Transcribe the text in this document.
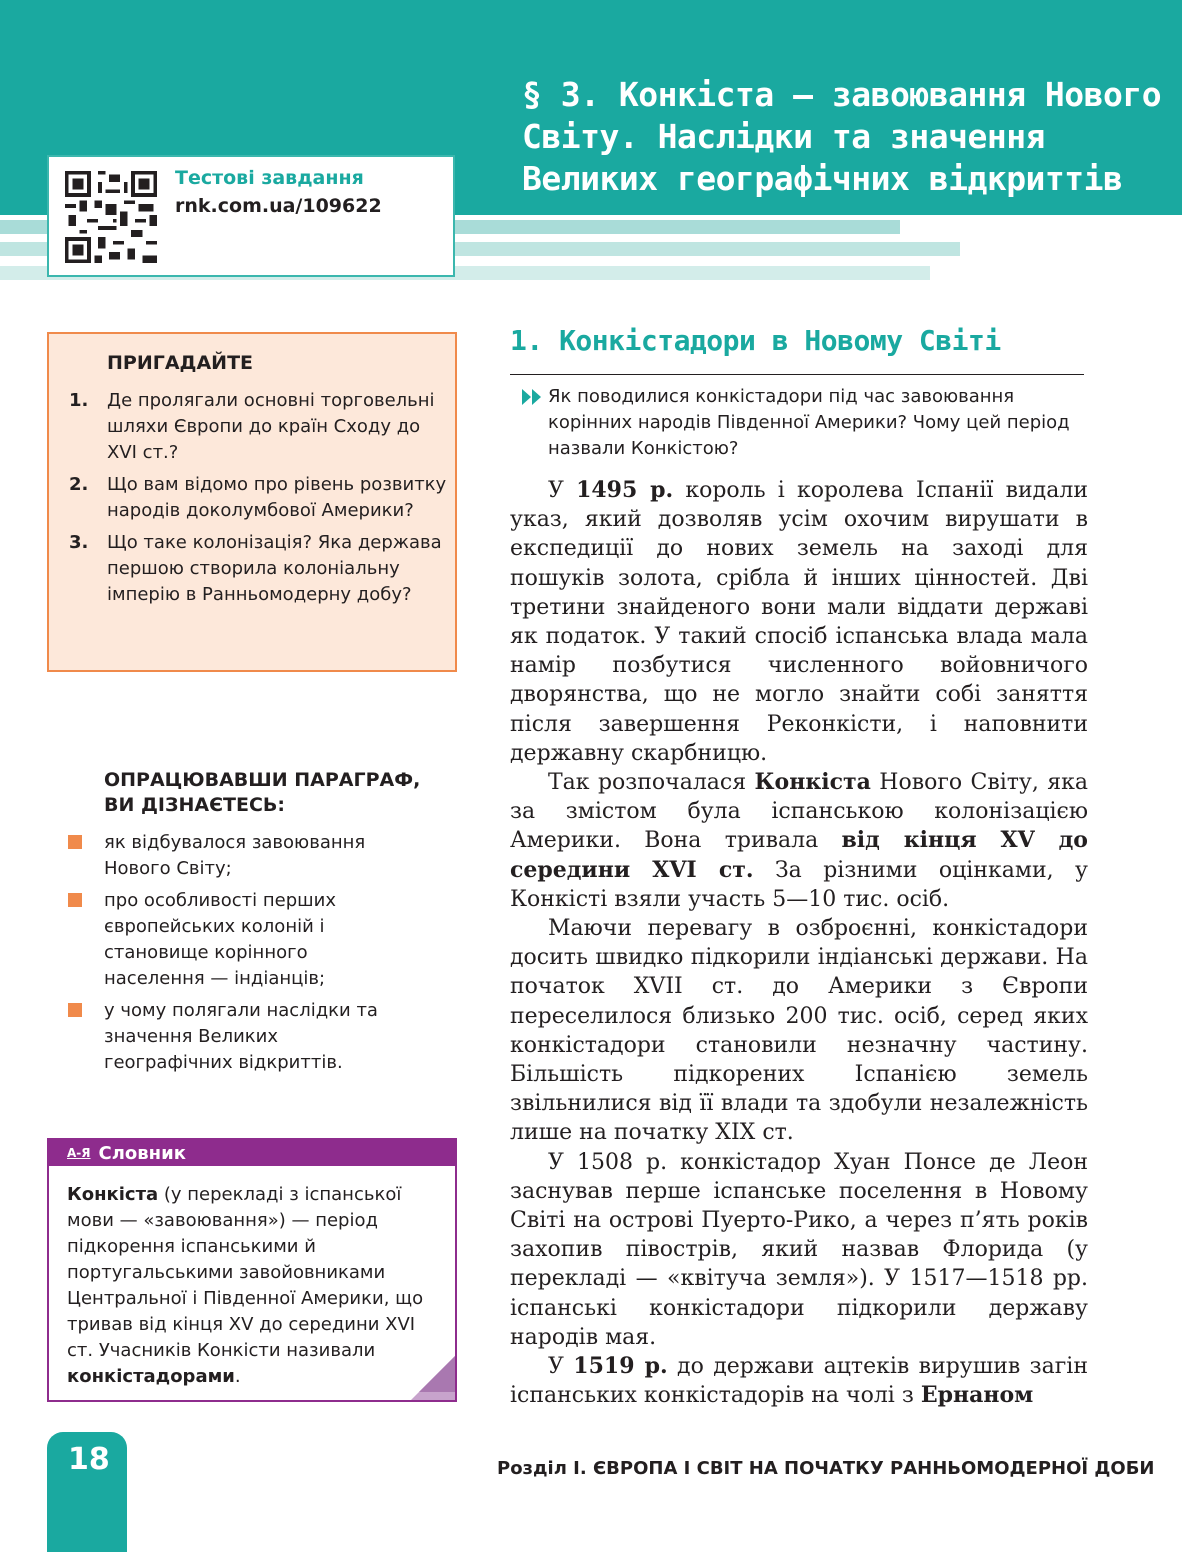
§ 3. Конкіста — завоювання Нового
Світу. Наслідки та значення
Великих географічних відкриттів
Тестові завдання
rnk.com.ua/109622
ПРИГАДАЙТЕ
1.	Де пролягали основні торговельні шляхи Європи до країн Сходу до XVI ст.?
2.	Що вам відомо про рівень розвитку народів доколумбової Америки?
3.	Що таке колонізація? Яка держава першою створила колоніальну імперію в Ранньомодерну добу?
ОПРАЦЮВАВШИ ПАРАГРАФ,
ВИ ДІЗНАЄТЕСЬ:
як відбувалося завоювання Нового Світу;
про особливості перших європейських колоній і становище корінного населення — індіанців;
у чому полягали наслідки та значення Великих географічних відкриттів.
А-Я Словник
Конкіста (у перекладі з іспанської мови — «завоювання») — період підкорення іспанськими й португальськими завойовниками Центральної і Південної Америки, що тривав від кінця XV до середини XVI ст. Учасників Конкісти називали конкістадорами.
1. Конкістадори в Новому Світі
Як поводилися конкістадори під час завоювання корінних народів Південної Америки? Чому цей період назвали Конкістою?

У 1495 р. король і королева Іспанії видали указ, який дозволяв усім охочим вирушати в експедиції до нових земель на заході для пошуків золота, срібла й інших цінностей. Дві третини знайденого вони мали віддати державі як податок. У такий спосіб іспанська влада мала намір позбутися численного войовничого дворянства, що не могло знайти собі заняття після завершення Реконкісти, і наповнити державну скарбницю.

Так розпочалася Конкіста Нового Світу, яка за змістом була іспанською колонізацією Америки. Вона тривала від кінця XV до середини XVI ст. За різними оцінками, у Конкісті взяли участь 5—10 тис. осіб.

Маючи перевагу в озброєнні, конкістадори досить швидко підкорили індіанські держави. На початок XVII ст. до Америки з Європи переселилося близько 200 тис. осіб, серед яких конкістадори становили незначну частину. Більшість підкорених Іспанією земель звільнилися від її влади та здобули незалежність лише на початку XIX ст.

У 1508 р. конкістадор Хуан Понсе де Леон заснував перше іспанське поселення в Новому Світі на острові Пуерто-Рико, а через п’ять років захопив півострів, який назвав Флорида (у перекладі — «квітуча земля»). У 1517—1518 рр. іспанські конкістадори підкорили державу народів мая.

У 1519 р. до держави ацтеків вирушив загін іспанських конкістадорів на чолі з Ернаном

18	Розділ І. ЄВРОПА І СВІТ НА ПОЧАТКУ РАННЬОМОДЕРНОЇ ДОБИ
